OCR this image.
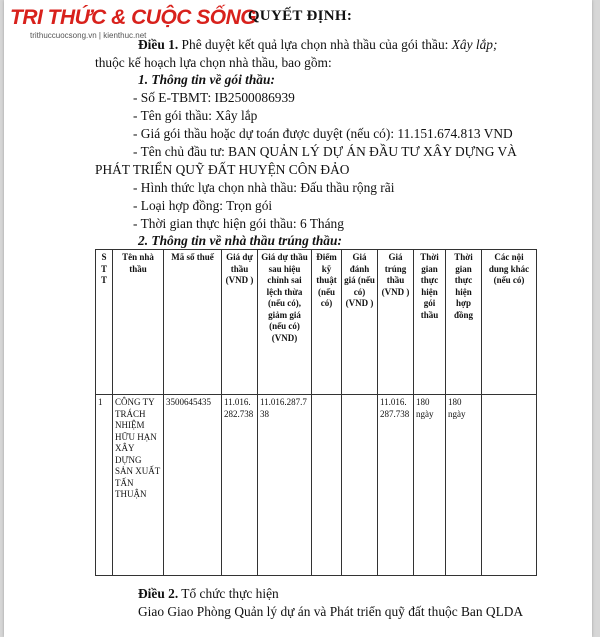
TRI THỨC & CUỘC SỐNG
trithuccuocsong.vn | kienthuc.net
QUYẾT ĐỊNH:
Điều 1. Phê duyệt kết quả lựa chọn nhà thầu của gói thầu: Xây lắp;
thuộc kế hoạch lựa chọn nhà thầu, bao gồm:
1. Thông tin về gói thầu:
- Số E-TBMT: IB2500086939
- Tên gói thầu: Xây lắp
- Giá gói thầu hoặc dự toán được duyệt (nếu có): 11.151.674.813 VND
- Tên chủ đầu tư: BAN QUẢN LÝ DỰ ÁN ĐẦU TƯ XÂY DỰNG VÀ
PHÁT TRIỂN QUỸ ĐẤT HUYỆN CÔN ĐẢO
- Hình thức lựa chọn nhà thầu: Đấu thầu rộng rãi
- Loại hợp đồng: Trọn gói
- Thời gian thực hiện gói thầu: 6 Tháng
2. Thông tin về nhà thầu trúng thầu:
S T T	Tên nhà thầu	Mã số thuế	Giá dự thầu (VND )	Giá dự thầu sau hiệu chỉnh sai lệch thừa (nếu có), giảm giá (nếu có) (VND)	Điểm kỹ thuật (nếu có)	Giá đánh giá (nếu có) (VND )	Giá trúng thầu (VND )	Thời gian thực hiện gói thầu	Thời gian thực hiện hợp đồng	Các nội dung khác (nếu có)
1	CÔNG TY TRÁCH NHIỆM HỮU HẠN XÂY DỰNG SẢN XUẤT TẤN THUẬN	3500645435	11.016.282.738	11.016.287.738			11.016.287.738	180 ngày	180 ngày	
Điều 2. Tổ chức thực hiện
Giao Giao Phòng Quản lý dự án và Phát triển quỹ đất thuộc Ban QLDA
